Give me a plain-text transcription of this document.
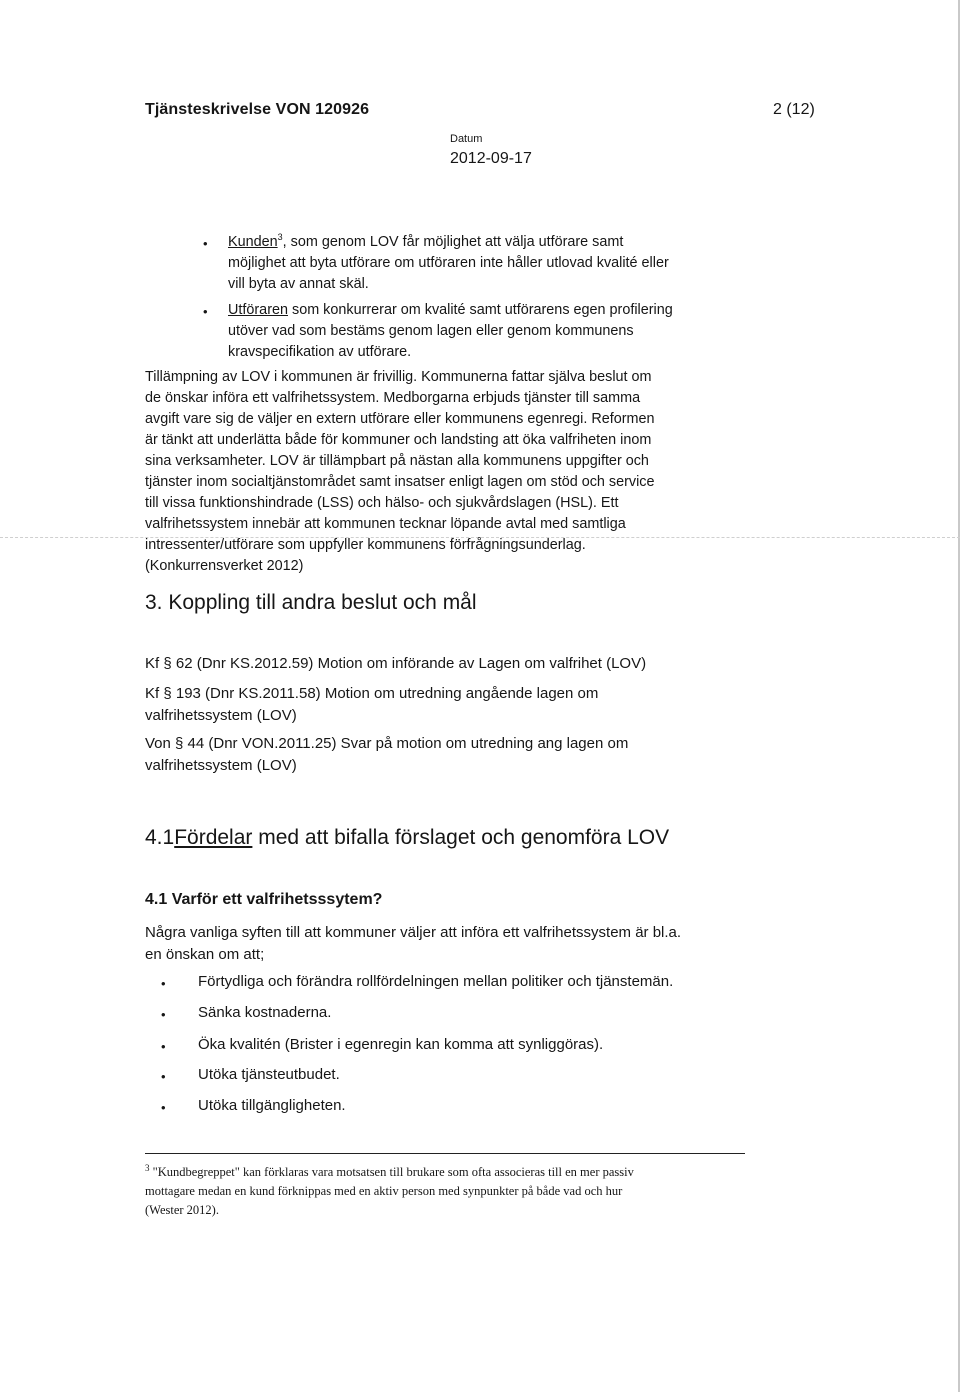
Tjänsteskrivelse VON 120926	2 (12)
Datum
2012-09-17
• Kunden$^3$, som genom LOV får möjlighet att välja utförare samt
möjlighet att byta utförare om utföraren inte håller utlovad kvalité eller
vill byta av annat skäl.
• Utföraren som konkurrerar om kvalité samt utförarens egen profilering
utöver vad som bestäms genom lagen eller genom kommunens
kravspecifikation av utförare.

Tillämpning av LOV i kommunen är frivillig. Kommunerna fattar själva beslut om

de önskar införa ett valfrihetssystem. Medborgarna erbjuds tjänster till samma

avgift vare sig de väljer en extern utförare eller kommunens egenregi. Reformen

är tänkt att underlätta både för kommuner och landsting att öka valfriheten inom

sina verksamheter. LOV är tillämpbart på nästan alla kommunens uppgifter och

tjänster inom socialtjänstområdet samt insatser enligt lagen om stöd och service

till vissa funktionshindrade (LSS) och hälso- och sjukvårdslagen (HSL). Ett

valfrihetssystem innebär att kommunen tecknar löpande avtal med samtliga

intressenter/utförare som uppfyller kommunens förfrågningsunderlag.

(Konkurrensverket 2012)

3. Koppling till andra beslut och mål
Kf § 62 (Dnr KS.2012.59) Motion om införande av Lagen om valfrihet (LOV)
Kf § 193 (Dnr KS.2011.58) Motion om utredning angående lagen om
valfrihetssystem (LOV)
Von § 44 (Dnr VON.2011.25) Svar på motion om utredning ang lagen om
valfrihetssystem (LOV)
4.1Fördelar med att bifalla förslaget och genomföra LOV
4.1 Varför ett valfrihetsssytem?
Några vanliga syften till att kommuner väljer att införa ett valfrihetssystem är bl.a.
en önskan om att;
• Förtydliga och förändra rollfördelningen mellan politiker och tjänstemän.
• Sänka kostnaderna.
• Öka kvalitén (Brister i egenregin kan komma att synliggöras).
• Utöka tjänsteutbudet.
• Utöka tillgängligheten.
$^3$ "Kundbegreppet" kan förklaras vara motsatsen till brukare som ofta associeras till en mer passiv
mottagare medan en kund förknippas med en aktiv person med synpunkter på både vad och hur
(Wester 2012).
